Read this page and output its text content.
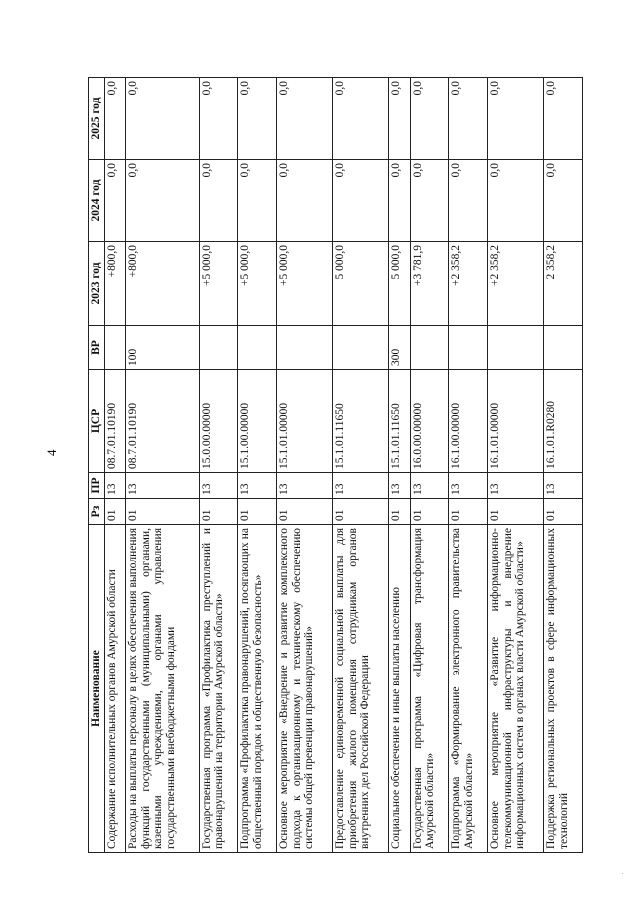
4
Наименование	Рз	ПР	ЦСР	ВР	2023 год	2024 год	2025 год
Содержание исполнительных органов Амурской области	01	13	08.7.01.10190		+800,0	0,0	0,0
Расходы на выплаты персоналу в целях обеспечения выполнения функций государственными (муниципальными) органами, казенными учреждениями, органами управления государственными внебюджетными фондами	01	13	08.7.01.10190	100	+800,0	0,0	0,0
Государственная программа «Профилактика преступлений и правонарушений на территории Амурской области»	01	13	15.0.00.00000		+5 000,0	0,0	0,0
Подпрограмма «Профилактика правонарушений, посягающих на общественный порядок и общественную безопасность»	01	13	15.1.00.00000		+5 000,0	0,0	0,0
Основное мероприятие «Внедрение и развитие комплексного подхода к организационному и техническому обеспечению системы общей превенции правонарушений»	01	13	15.1.01.00000		+5 000,0	0,0	0,0
Предоставление единовременной социальной выплаты для приобретения жилого помещения сотрудникам органов внутренних дел Российской Федерации	01	13	15.1.01.11650		5 000,0	0,0	0,0
Социальное обеспечение и иные выплаты населению	01	13	15.1.01.11650	300	5 000,0	0,0	0,0
Государственная программа «Цифровая трансформация Амурской области»	01	13	16.0.00.00000		+3 781,9	0,0	0,0
Подпрограмма «Формирование электронного правительства Амурской области»	01	13	16.1.00.00000		+2 358,2	0,0	0,0
Основное мероприятие «Развитие информационно-телекоммуникационной инфраструктуры и внедрение информационных систем в органах власти Амурской области»	01	13	16.1.01.00000		+2 358,2	0,0	0,0
Поддержка региональных проектов в сфере информационных технологий	01	13	16.1.01.R0280		2 358,2	0,0	0,0
.
